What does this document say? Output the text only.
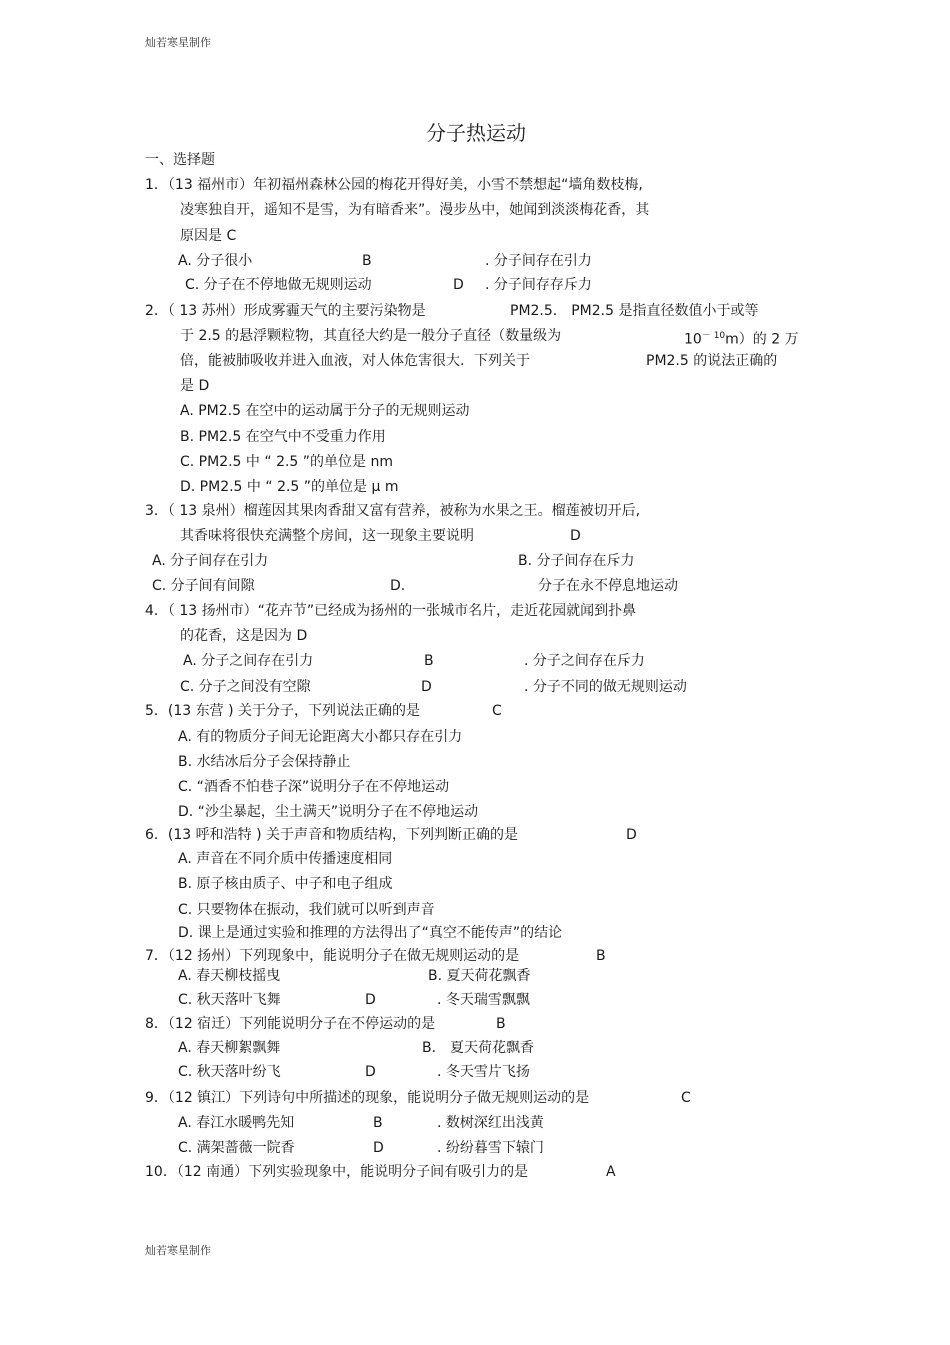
灿若寒星制作
分子热运动
一、选择题
1．（13 福州市）年初福州森林公园的梅花开得好美，小雪不禁想起“墙角数枝梅,
凌寒独自开，遥知不是雪，为有暗香来”。漫步丛中，她闻到淡淡梅花香，其
原因是 C
A. 分子很小	B	. 分子间存在引力
C. 分子在不停地做无规则运动	D . 分子间存存斥力
2．（ 13 苏州）形成雾霾天气的主要污染物是	PM2.5． PM2.5 是指直径数值小于或等
于 2.5 的悬浮颗粒物，其直径大约是一般分子直径（数量级为	$10^{- 10}m$）的 2 万
倍，能被肺吸收并进入血液，对人体危害很大．下列关于	PM2.5 的说法正确的
是 D
A. PM2.5 在空中的运动属于分子的无规则运动
B. PM2.5 在空气中不受重力作用
C. PM2.5 中 “ 2.5 ”的单位是 nm
D. PM2.5 中 “ 2.5 ”的单位是 μ m
3．（ 13 泉州）榴莲因其果肉香甜又富有营养，被称为水果之王。榴莲被切开后,
其香味将很快充满整个房间，这一现象主要说明	D
A. 分子间存在引力	B. 分子间存在斥力
C. 分子间有间隙	D.	分子在永不停息地运动
4．（ 13 扬州市）“花卉节”已经成为扬州的一张城市名片，走近花园就闻到扑鼻
的花香，这是因为 D
A. 分子之间存在引力	B	. 分子之间存在斥力
C. 分子之间没有空隙	D	. 分子不同的做无规则运动
5．(13 东营 ) 关于分子，下列说法正确的是	C
A. 有的物质分子间无论距离大小都只存在引力
B. 水结冰后分子会保持静止
C. “酒香不怕巷子深”说明分子在不停地运动
D. “沙尘暴起，尘土满天”说明分子在不停地运动
6．(13 呼和浩特 ) 关于声音和物质结构，下列判断正确的是	D
A. 声音在不同介质中传播速度相同
B. 原子核由质子、中子和电子组成
C. 只要物体在振动，我们就可以听到声音
D. 课上是通过实验和推理的方法得出了“真空不能传声”的结论
7．（12 扬州）下列现象中，能说明分子在做无规则运动的是	B
A. 春天柳枝摇曳	B. 夏天荷花飘香
C. 秋天落叶飞舞	D	. 冬天瑞雪飘飘
8．（12 宿迁）下列能说明分子在不停运动的是	B
A. 春天柳絮飘舞	B． 夏天荷花飘香
C. 秋天落叶纷飞	D	. 冬天雪片飞扬
9．（12 镇江）下列诗句中所描述的现象，能说明分子做无规则运动的是	C
A. 春江水暖鸭先知	B	. 数树深红出浅黄
C. 满架蔷薇一院香	D	. 纷纷暮雪下辕门
10．（12 南通）下列实验现象中，能说明分子间有吸引力的是	A
灿若寒星制作
